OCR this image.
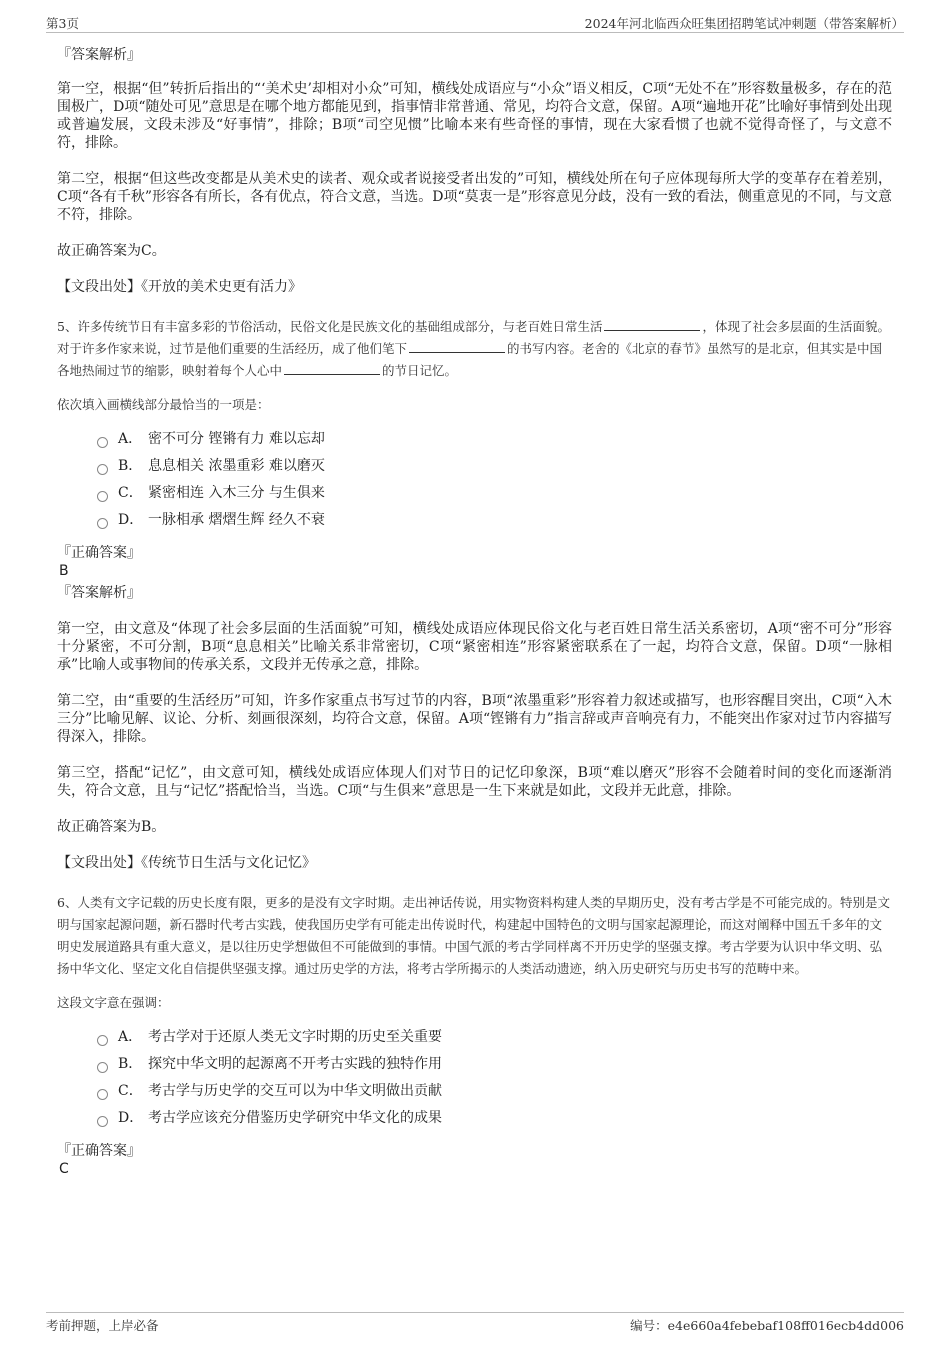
第3页	2024年河北临西众旺集团招聘笔试冲刺题（带答案解析）

『答案解析』

第一空，根据“但”转折后指出的“‘美术史’却相对小众”可知，横线处成语应与“小众”语义相反，C项“无处不在”形容数量极多，存在的范围极广，D项“随处可见”意思是在哪个地方都能见到，指事情非常普通、常见，均符合文意，保留。A项“遍地开花”比喻好事情到处出现或普遍发展，文段未涉及“好事情”，排除；B项“司空见惯”比喻本来有些奇怪的事情，现在大家看惯了也就不觉得奇怪了，与文意不符，排除。

第二空，根据“但这些改变都是从美术史的读者、观众或者说接受者出发的”可知，横线处所在句子应体现每所大学的变革存在着差别，C项“各有千秋”形容各有所长，各有优点，符合文意，当选。D项“莫衷一是”形容意见分歧，没有一致的看法，侧重意见的不同，与文意不符，排除。

故正确答案为C。

【文段出处】《开放的美术史更有活力》

5、许多传统节日有丰富多彩的节俗活动，民俗文化是民族文化的基础组成部分，与老百姓日常生活	，体现了社会多层面的生活面貌。对于许多作家来说，过节是他们重要的生活经历，成了他们笔下	的书写内容。老舍的《北京的春节》虽然写的是北京，但其实是中国各地热闹过节的缩影，映射着每个人心中	的节日记忆。

依次填入画横线部分最恰当的一项是：

A． 密不可分 铿锵有力 难以忘却
B． 息息相关 浓墨重彩 难以磨灭
C． 紧密相连 入木三分 与生俱来
D． 一脉相承 熠熠生辉 经久不衰

『正确答案』

B

『答案解析』

第一空，由文意及“体现了社会多层面的生活面貌”可知，横线处成语应体现民俗文化与老百姓日常生活关系密切，A项“密不可分”形容十分紧密，不可分割，B项“息息相关”比喻关系非常密切，C项“紧密相连”形容紧密联系在了一起，均符合文意，保留。D项“一脉相承”比喻人或事物间的传承关系，文段并无传承之意，排除。

第二空，由“重要的生活经历”可知，许多作家重点书写过节的内容，B项“浓墨重彩”形容着力叙述或描写，也形容醒目突出，C项“入木三分”比喻见解、议论、分析、刻画很深刻，均符合文意，保留。A项“铿锵有力”指言辞或声音响亮有力，不能突出作家对过节内容描写得深入，排除。

第三空，搭配“记忆”，由文意可知，横线处成语应体现人们对节日的记忆印象深，B项“难以磨灭”形容不会随着时间的变化而逐渐消失，符合文意，且与“记忆”搭配恰当，当选。C项“与生俱来”意思是一生下来就是如此，文段并无此意，排除。

故正确答案为B。

【文段出处】《传统节日生活与文化记忆》

6、人类有文字记载的历史长度有限，更多的是没有文字时期。走出神话传说，用实物资料构建人类的早期历史，没有考古学是不可能完成的。特别是文明与国家起源问题，新石器时代考古实践，使我国历史学有可能走出传说时代，构建起中国特色的文明与国家起源理论，而这对阐释中国五千多年的文明史发展道路具有重大意义，是以往历史学想做但不可能做到的事情。中国气派的考古学同样离不开历史学的坚强支撑。考古学要为认识中华文明、弘扬中华文化、坚定文化自信提供坚强支撑。通过历史学的方法，将考古学所揭示的人类活动遗迹，纳入历史研究与历史书写的范畴中来。

这段文字意在强调：

A． 考古学对于还原人类无文字时期的历史至关重要
B． 探究中华文明的起源离不开考古实践的独特作用
C． 考古学与历史学的交互可以为中华文明做出贡献
D． 考古学应该充分借鉴历史学研究中华文化的成果

『正确答案』

C

考前押题，上岸必备	编号：e4e660a4febebaf108ff016ecb4dd006
